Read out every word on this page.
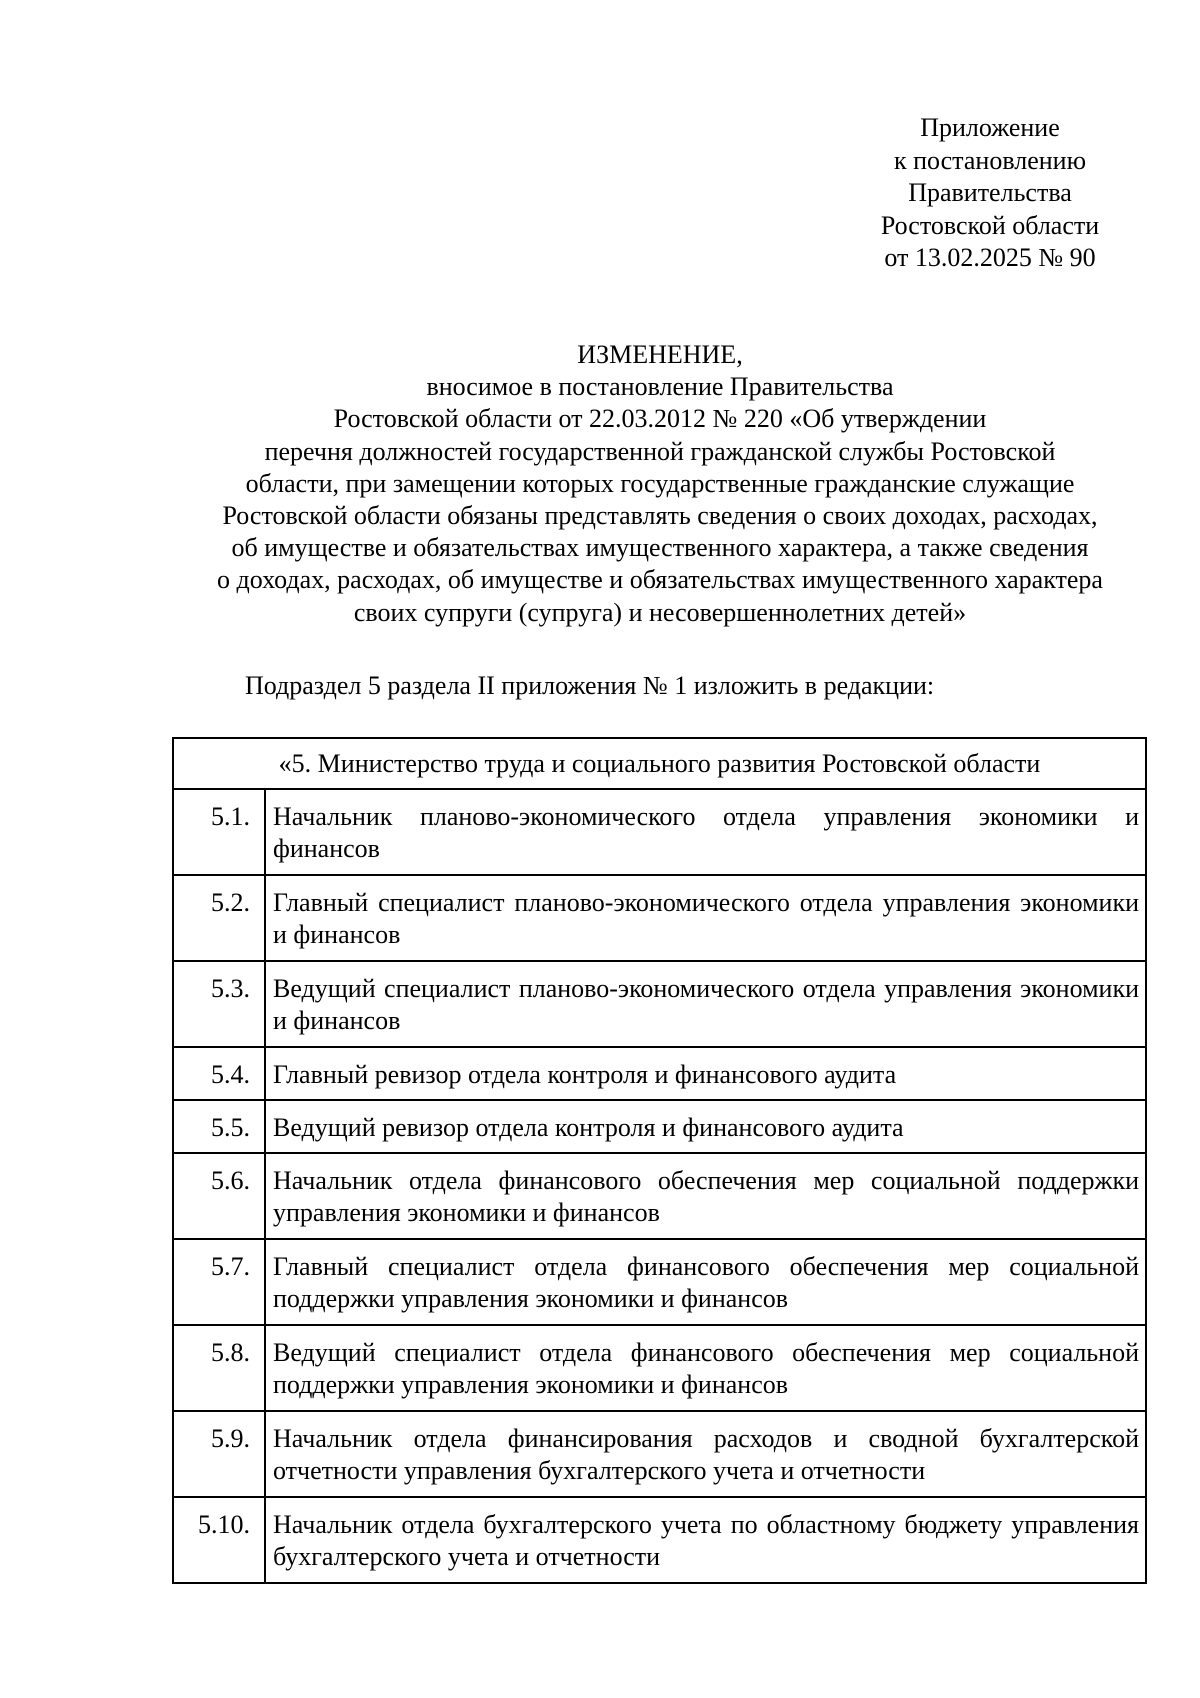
Приложение
к постановлению
Правительства
Ростовской области
от 13.02.2025 № 90
ИЗМЕНЕНИЕ,
вносимое в постановление Правительства
Ростовской области от 22.03.2012 № 220 «Об утверждении
перечня должностей государственной гражданской службы Ростовской
области, при замещении которых государственные гражданские служащие
Ростовской области обязаны представлять сведения о своих доходах, расходах,
об имуществе и обязательствах имущественного характера, а также сведения
о доходах, расходах, об имуществе и обязательствах имущественного характера
своих супруги (супруга) и несовершеннолетних детей»
Подраздел 5 раздела II приложения № 1 изложить в редакции:
«5. Министерство труда и социального развития Ростовской области	
5.1.	Начальник планово-экономического отдела управления экономики и финансов
5.2.	Главный специалист планово-экономического отдела управления экономики и финансов
5.3.	Ведущий специалист планово-экономического отдела управления экономики и финансов
5.4.	Главный ревизор отдела контроля и финансового аудита
5.5.	Ведущий ревизор отдела контроля и финансового аудита
5.6.	Начальник отдела финансового обеспечения мер социальной поддержки управления экономики и финансов
5.7.	Главный специалист отдела финансового обеспечения мер социальной поддержки управления экономики и финансов
5.8.	Ведущий специалист отдела финансового обеспечения мер социальной поддержки управления экономики и финансов
5.9.	Начальник отдела финансирования расходов и сводной бухгалтерской отчетности управления бухгалтерского учета и отчетности
5.10.	Начальник отдела бухгалтерского учета по областному бюджету управления бухгалтерского учета и отчетности
